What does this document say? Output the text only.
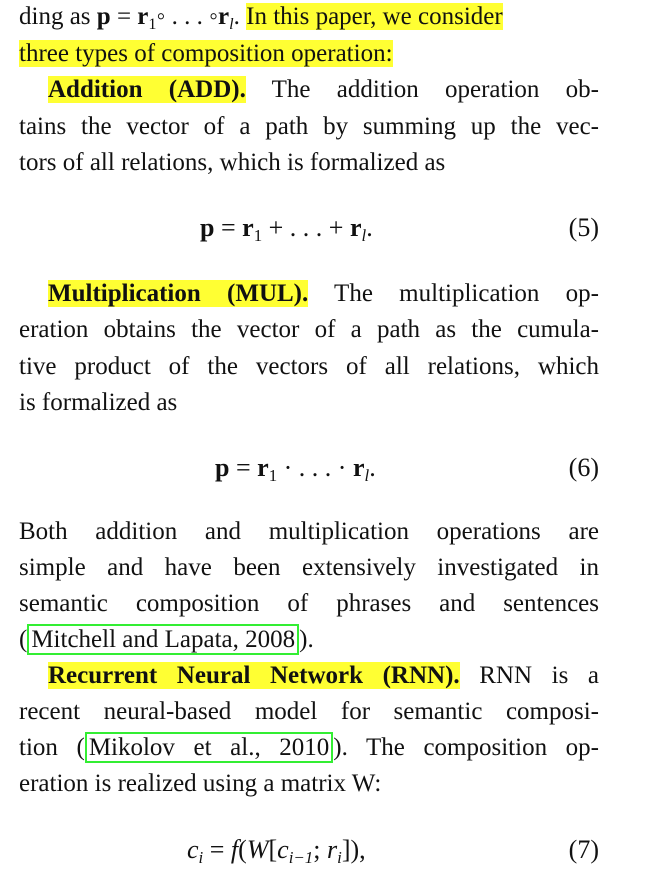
ding as $p = r_1◦$ . . . $◦r_l$. In this paper, we consider
three types of composition operation:
Addition (ADD). The addition operation ob-
tains the vector of a path by summing up the vec-
tors of all relations, which is formalized as
$p = r_1$ + . . . + $r_l$.	(5)
Multiplication (MUL). The multiplication op-
eration obtains the vector of a path as the cumula-
tive product of the vectors of all relations, which
is formalized as
$p = r_1$ · . . . · $r_l$.	(6)
Both addition and multiplication operations are
simple and have been extensively investigated in
semantic composition of phrases and sentences
( Mitchell and Lapata, 2008 ).
Recurrent Neural Network (RNN). RNN is a
recent neural-based model for semantic composi-
tion ( Mikolov et al., 2010 ). The composition op-
eration is realized using a matrix W:
$c_i = f(W[c_{i-1}$; $r_i$]),	(7)
